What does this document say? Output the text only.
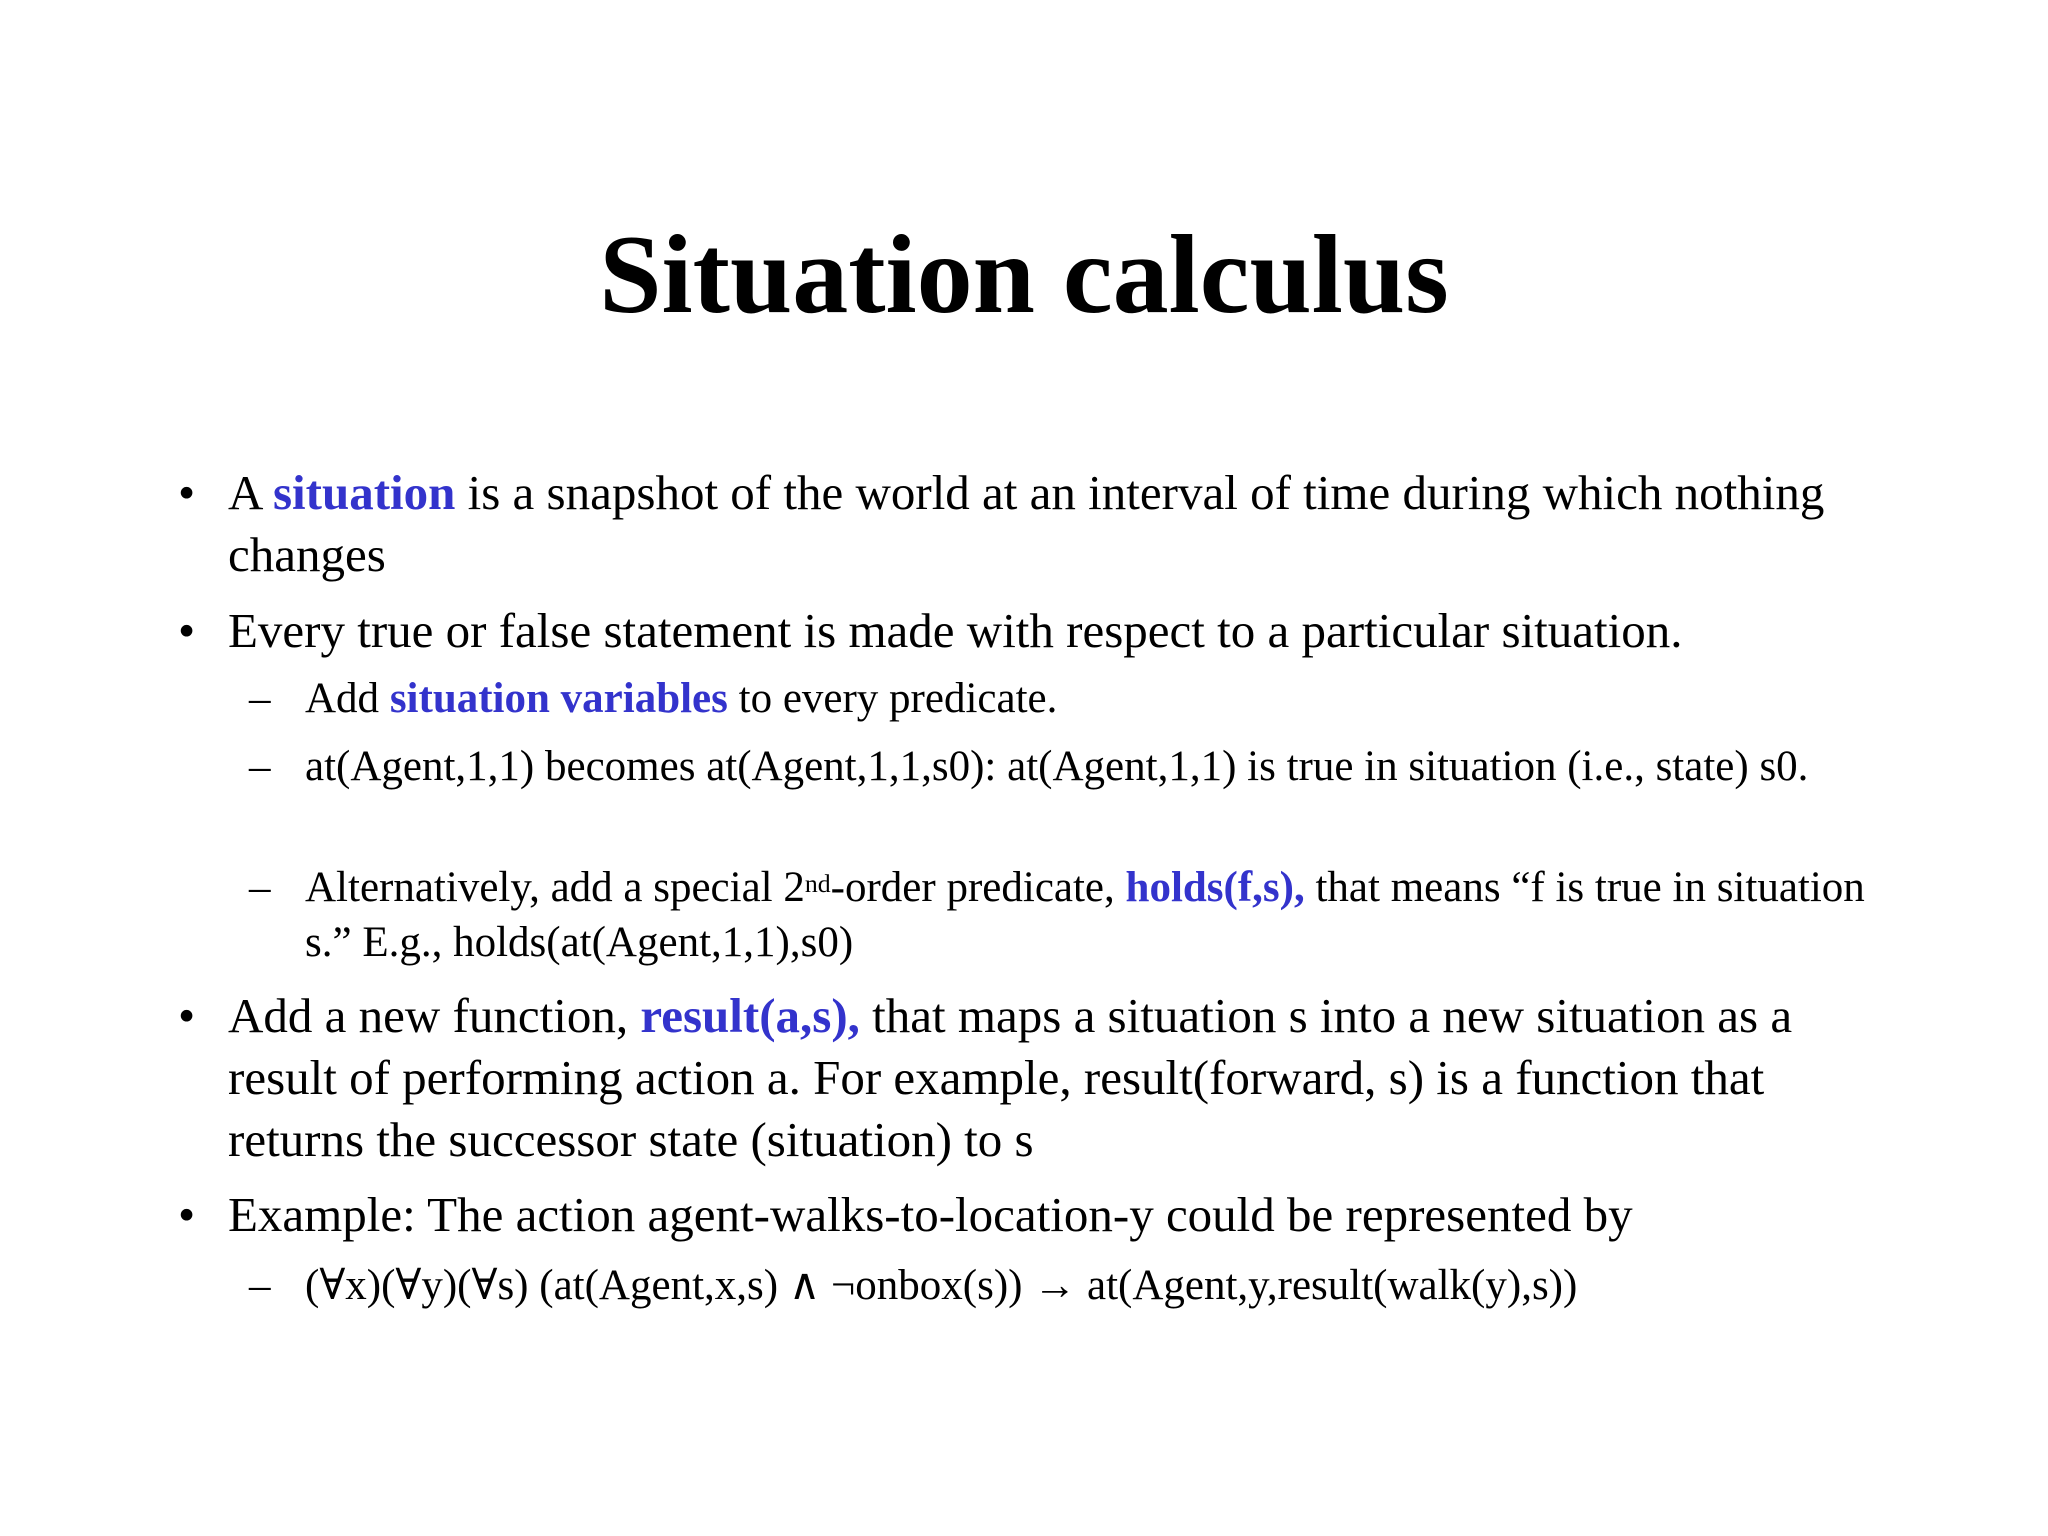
Situation calculus
• A situation is a snapshot of the world at an interval of time during which nothing changes
• Every true or false statement is made with respect to a particular situation.
– Add situation variables to every predicate.
– at(Agent,1,1) becomes at(Agent,1,1,s0): at(Agent,1,1) is true in situation (i.e., state) s0.
– Alternatively, add a special 2nd-order predicate, holds(f,s), that means “f is true in situation s.” E.g., holds(at(Agent,1,1),s0)
• Add a new function, result(a,s), that maps a situation s into a new situation as a result of performing action a. For example, result(forward, s) is a function that returns the successor state (situation) to s
• Example: The action agent-walks-to-location-y could be represented by
– (∀x)(∀y)(∀s) (at(Agent,x,s) ∧ ¬onbox(s)) → at(Agent,y,result(walk(y),s))
